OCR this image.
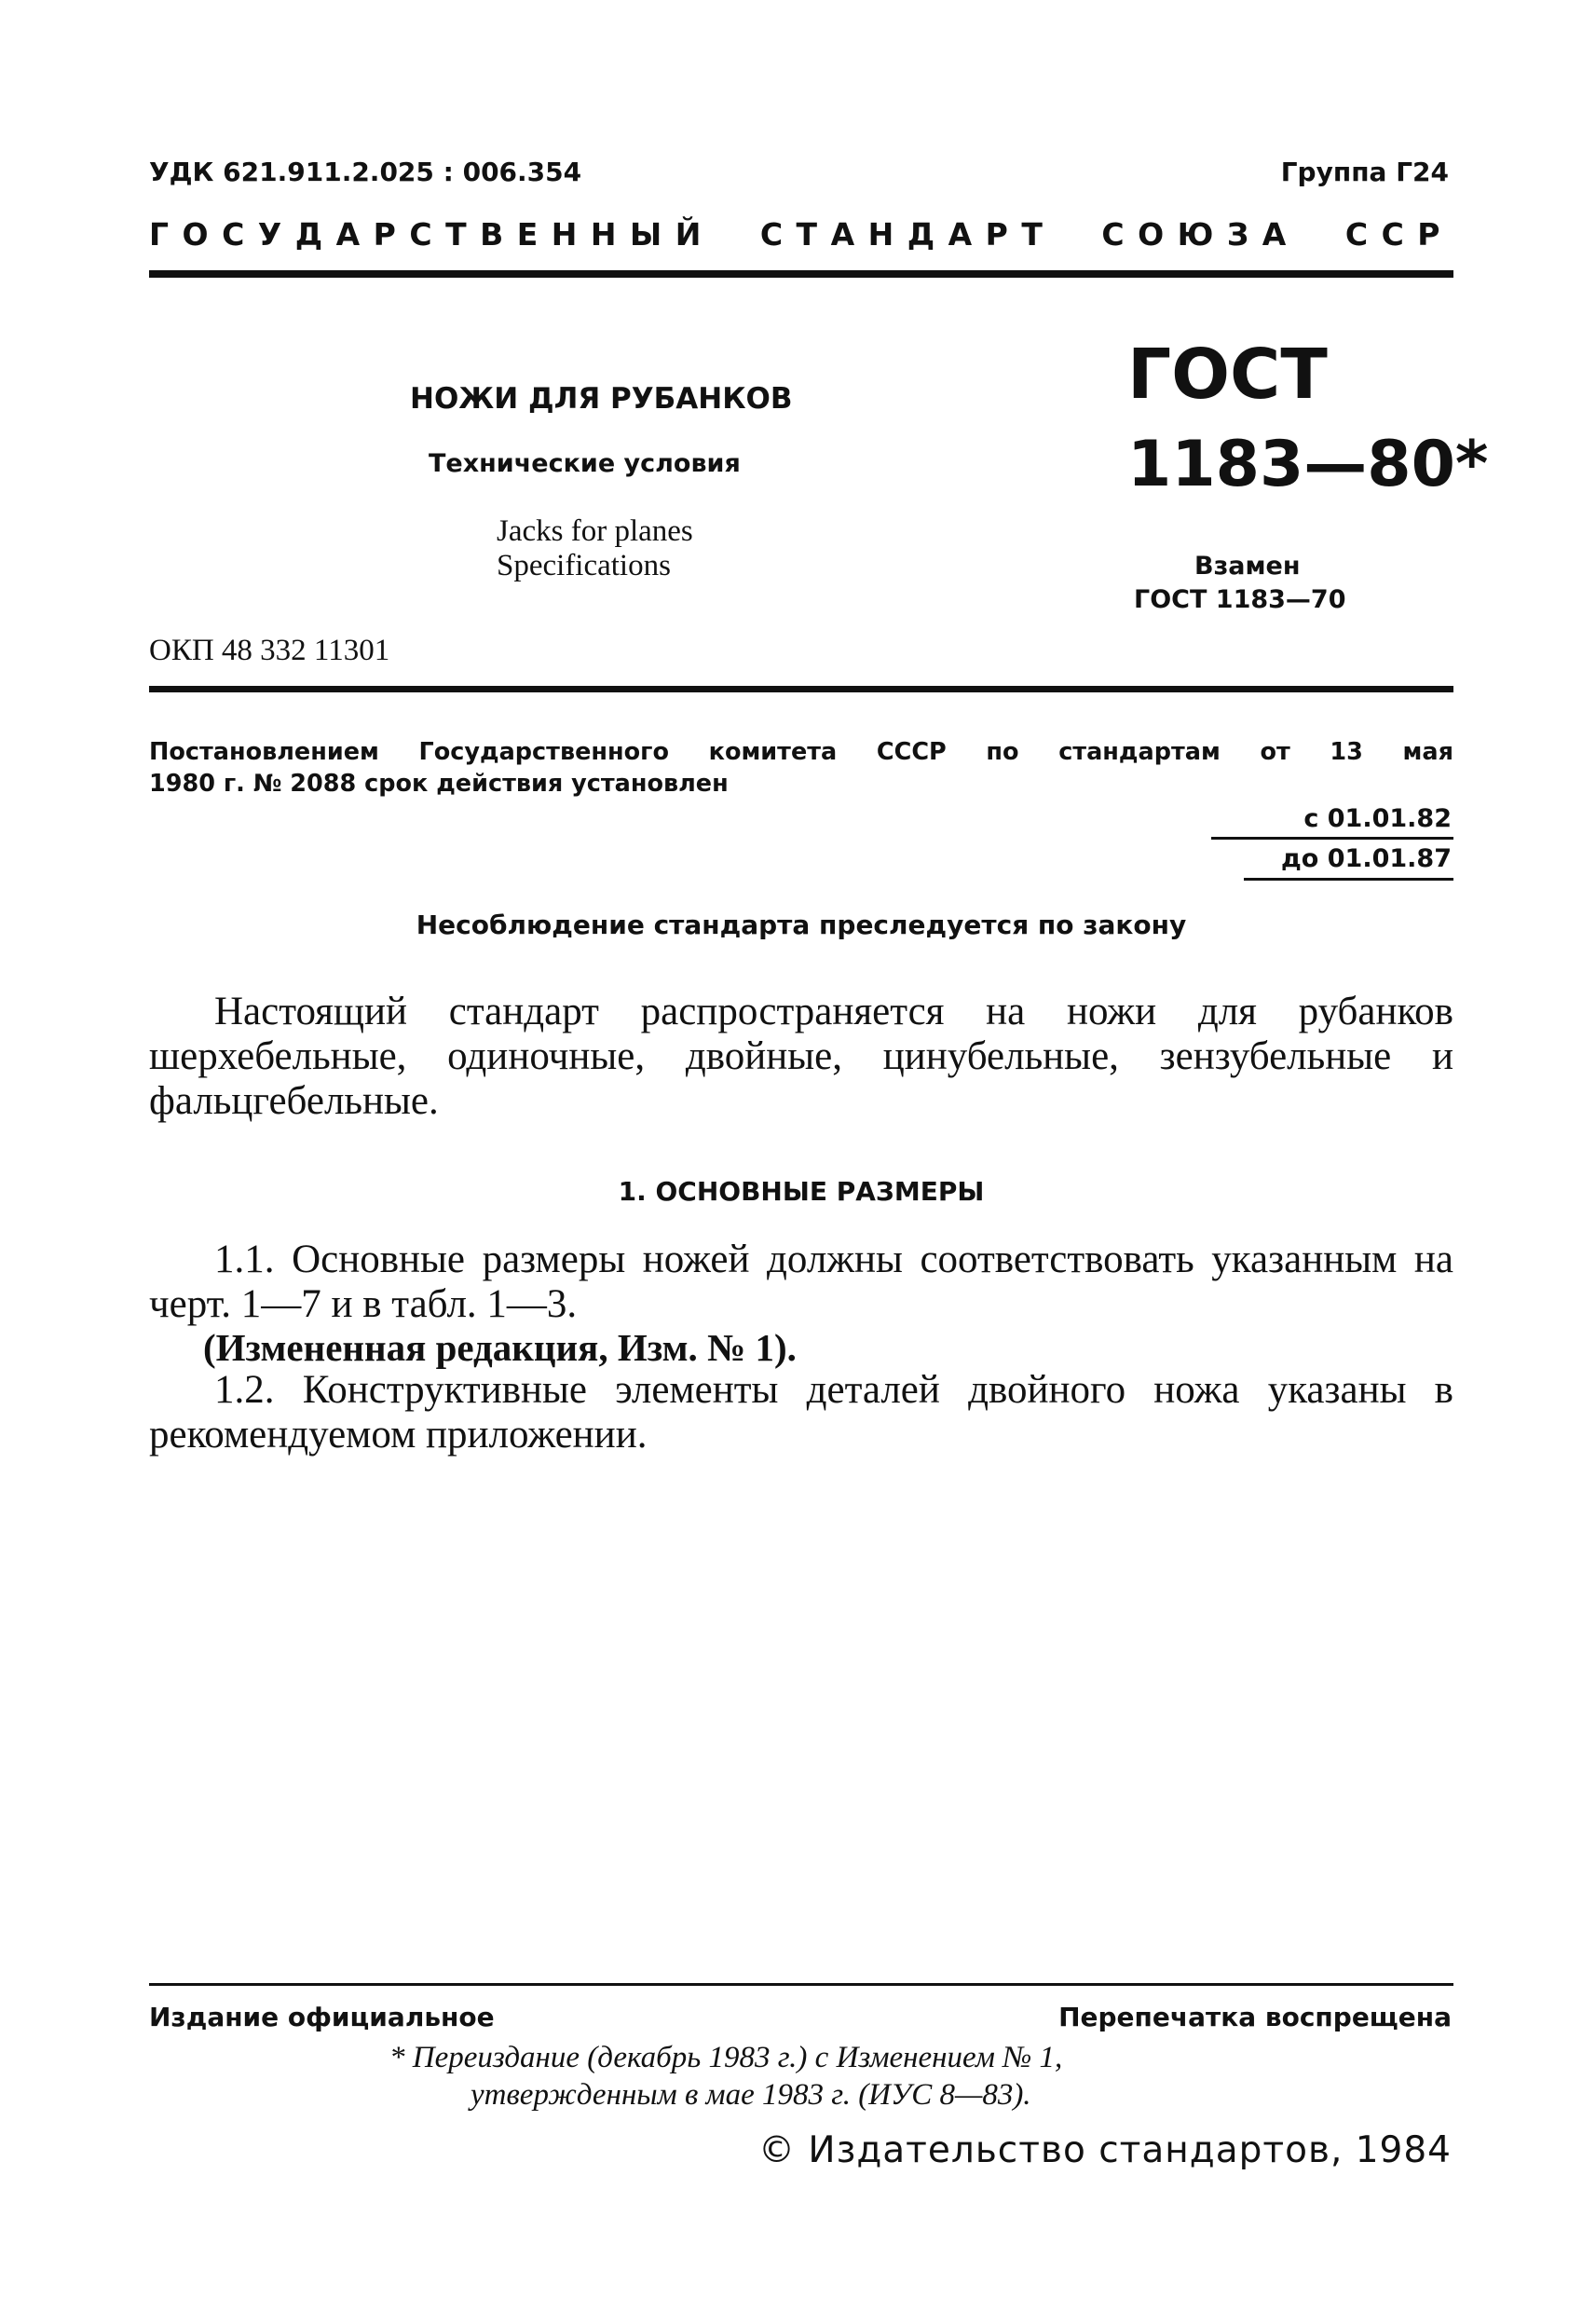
УДК 621.911.2.025 : 006.354	Группа Г24
ГОСУДАРСТВЕННЫЙ СТАНДАРТ СОЮЗА ССР
НОЖИ ДЛЯ РУБАНКОВ
Технические условия
Jacks for planes
Specifications
ОКП 48 332 11301
ГОСТ
1183—80*
Взамен
ГОСТ 1183—70
Постановлением Государственного комитета СССР по стандартам от 13 мая
1980 г. № 2088 срок действия установлен
с 01.01.82
до 01.01.87
Несоблюдение стандарта преследуется по закону
Настоящий стандарт распространяется на ножи для рубанков шерхебельные, одиночные, двойные, цинубельные, зензубельные и фальцгебельные.
1. ОСНОВНЫЕ РАЗМЕРЫ
1.1. Основные размеры ножей должны соответствовать указанным на черт. 1—7 и в табл. 1—3.
(Измененная редакция, Изм. № 1).
1.2. Конструктивные элементы деталей двойного ножа указаны в рекомендуемом приложении.
Издание официальное	Перепечатка воспрещена
* Переиздание (декабрь 1983 г.) с Изменением № 1,
утвержденным в мае 1983 г. (ИУС 8—83).
© Издательство стандартов, 1984
